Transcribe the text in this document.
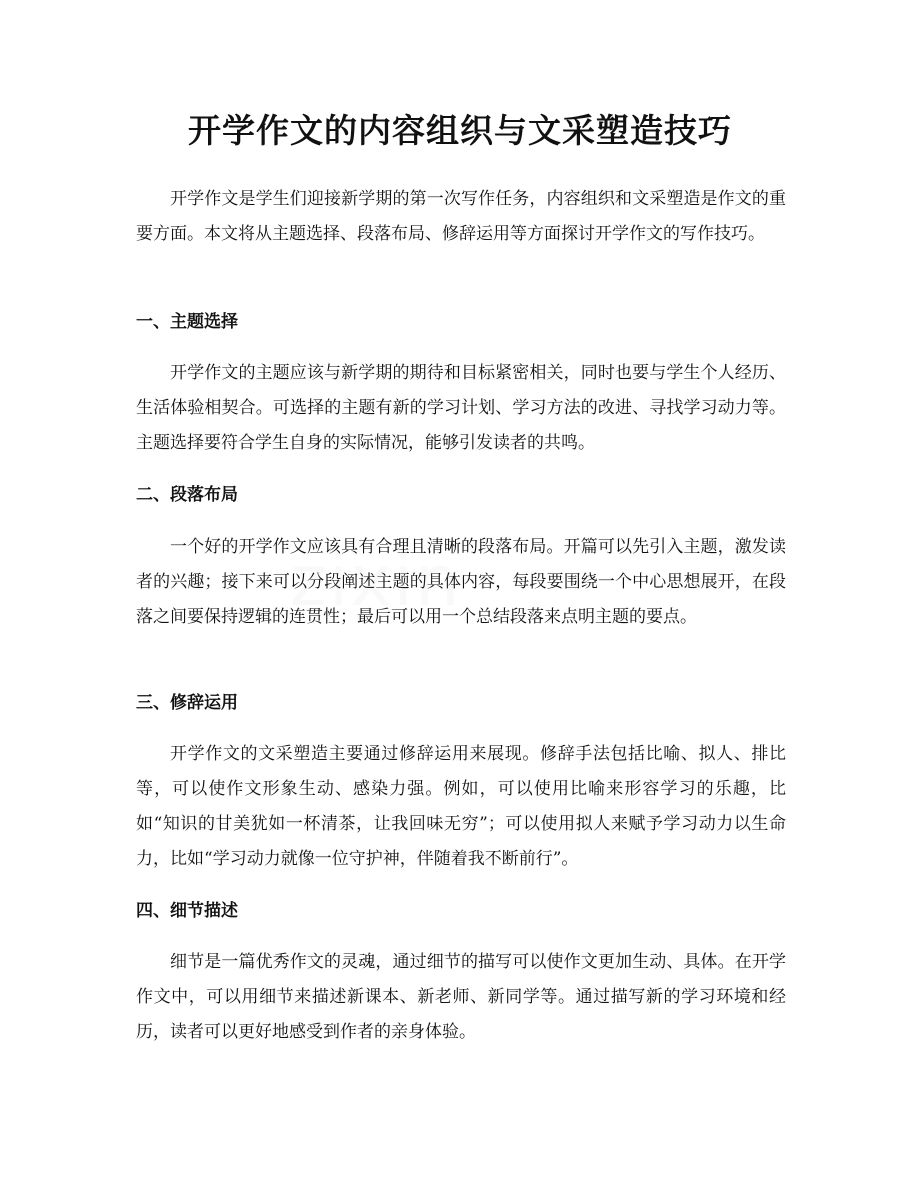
开学作文的内容组织与文采塑造技巧

开学作文是学生们迎接新学期的第一次写作任务，内容组织和文采塑造是作文的重要方面。本文将从主题选择、段落布局、修辞运用等方面探讨开学作文的写作技巧。

一、主题选择

开学作文的主题应该与新学期的期待和目标紧密相关，同时也要与学生个人经历、生活体验相契合。可选择的主题有新的学习计划、学习方法的改进、寻找学习动力等。主题选择要符合学生自身的实际情况，能够引发读者的共鸣。

二、段落布局

一个好的开学作文应该具有合理且清晰的段落布局。开篇可以先引入主题，激发读者的兴趣；接下来可以分段阐述主题的具体内容，每段要围绕一个中心思想展开，在段落之间要保持逻辑的连贯性；最后可以用一个总结段落来点明主题的要点。

三、修辞运用

开学作文的文采塑造主要通过修辞运用来展现。修辞手法包括比喻、拟人、排比等，可以使作文形象生动、感染力强。例如，可以使用比喻来形容学习的乐趣，比如“知识的甘美犹如一杯清茶，让我回味无穷”；可以使用拟人来赋予学习动力以生命力，比如“学习动力就像一位守护神，伴随着我不断前行”。

四、细节描述

细节是一篇优秀作文的灵魂，通过细节的描写可以使作文更加生动、具体。在开学作文中，可以用细节来描述新课本、新老师、新同学等。通过描写新的学习环境和经历，读者可以更好地感受到作者的亲身体验。

zixin
